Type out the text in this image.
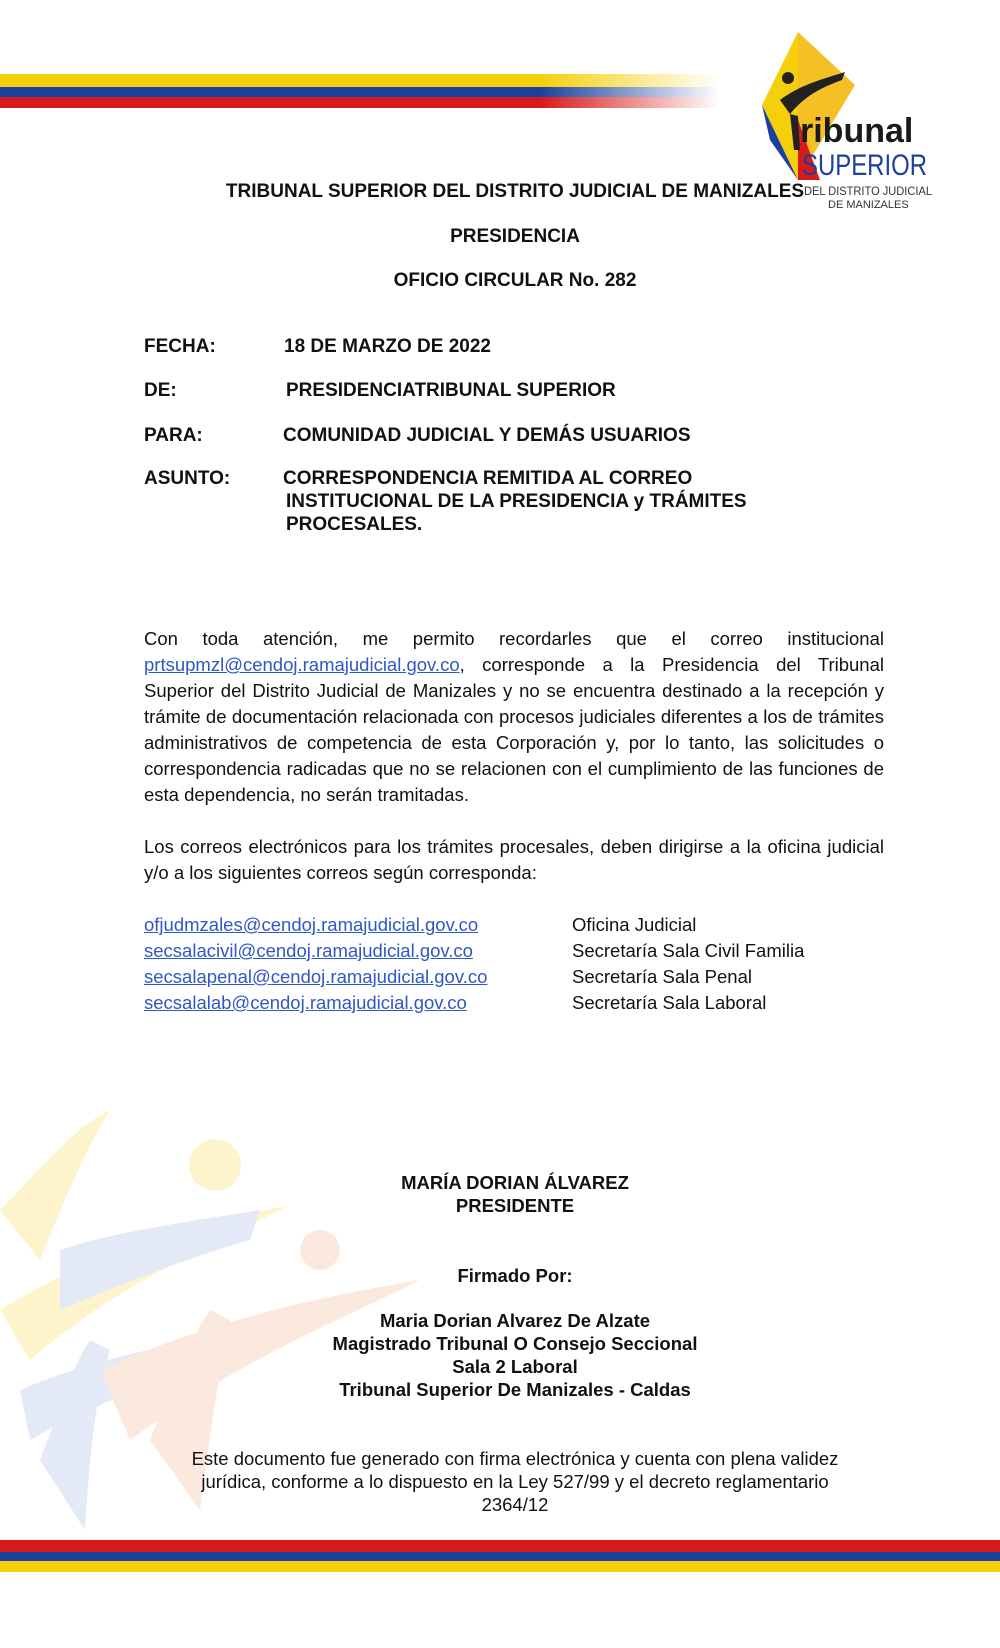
ribunal
SUPERIOR
DEL DISTRITO JUDICIAL
DE MANIZALES
TRIBUNAL SUPERIOR DEL DISTRITO JUDICIAL DE MANIZALES
PRESIDENCIA
OFICIO CIRCULAR No. 282
FECHA:	18 DE MARZO DE 2022
DE:	PRESIDENCIATRIBUNAL SUPERIOR
PARA:	COMUNIDAD JUDICIAL Y DEMÁS USUARIOS
ASUNTO:	CORRESPONDENCIA REMITIDA AL CORREO
INSTITUCIONAL DE LA PRESIDENCIA y TRÁMITES
PROCESALES.
Con toda atención, me permito recordarles que el correo institucional prtsupmzl@cendoj.ramajudicial.gov.co, corresponde a la Presidencia del Tribunal Superior del Distrito Judicial de Manizales y no se encuentra destinado a la recepción y trámite de documentación relacionada con procesos judiciales diferentes a los de trámites administrativos de competencia de esta Corporación y, por lo tanto, las solicitudes o correspondencia radicadas que no se relacionen con el cumplimiento de las funciones de esta dependencia, no serán tramitadas.
Los correos electrónicos para los trámites procesales, deben dirigirse a la oficina judicial y/o a los siguientes correos según corresponda:
ofjudmzales@cendoj.ramajudicial.gov.co	Oficina Judicial
secsalacivil@cendoj.ramajudicial.gov.co	Secretaría Sala Civil Familia
secsalapenal@cendoj.ramajudicial.gov.co	Secretaría Sala Penal
secsalalab@cendoj.ramajudicial.gov.co	Secretaría Sala Laboral
MARÍA DORIAN ÁLVAREZ
PRESIDENTE
Firmado Por:
Maria Dorian Alvarez De Alzate
Magistrado Tribunal O Consejo Seccional
Sala 2 Laboral
Tribunal Superior De Manizales - Caldas
Este documento fue generado con firma electrónica y cuenta con plena validez
jurídica, conforme a lo dispuesto en la Ley 527/99 y el decreto reglamentario
2364/12
